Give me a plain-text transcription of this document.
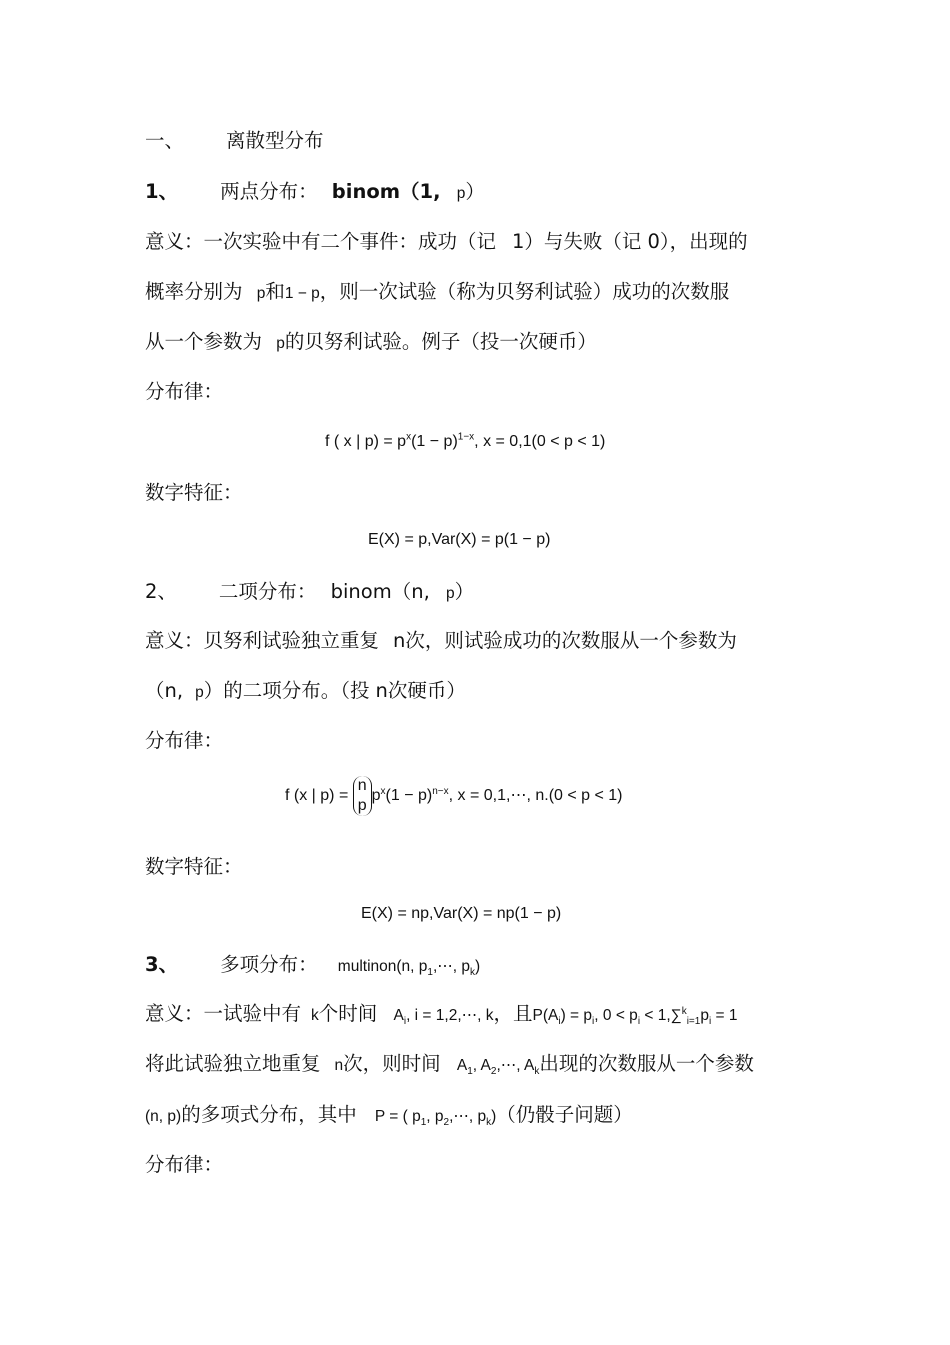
一、 离散型分布
1、 两点分布： binom（1, p）
意义：一次实验中有二个事件：成功（记 1）与失败（记 0），出现的
概率分别为 p和1 − p，则一次试验（称为贝努利试验）成功的次数服
从一个参数为 p的贝努利试验。例子（投一次硬币）
分布律：
f ( x | $p) = p^x(1 - p)^{1-x}$, x = 0,1(0 < p < 1)
数字特征：
E(X) = p,Var(X) = p(1 − p)
2、 二项分布： binom（n, p）
意义：贝努利试验独立重复 n次，则试验成功的次数服从一个参数为
（n, p）的二项分布。（投 n次硬币）
分布律：
f (x | p) = n
$pp^x(1 - p)^{n-x}$, x = 0,1,⋯, n.(0 < p < 1)
数字特征：
E(X) = np,Var(X) = np(1 − p)
3、 多项分布： multinon(n, $p_1,\cdots$, $p_k$)
意义：一试验中有 k个时间 $A_i$, i = 1,2,⋯, k，且$P(A_i) = p_i$, $0 < p_i < 1,\sum^k_{i=1}p_i = 1$
将此试验独立地重复 n次，则时间 $A_1$, $A_2,\cdots$, $A_k$出现的次数服从一个参数
(n, p)的多项式分布，其中 P = ( $p_1$, $p_2,\cdots$, $p_k$)（仍骰子问题）
分布律：
